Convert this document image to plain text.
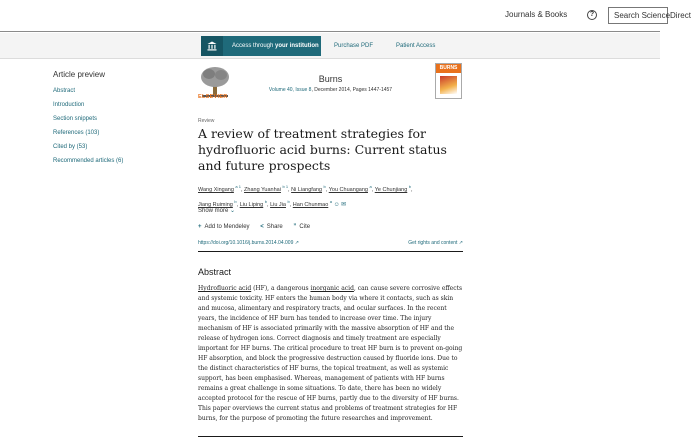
Journals & Books	?	Search ScienceDirect
Access through your institution	Purchase PDF	Patient Access
Article preview
Abstract
Introduction
Section snippets
References (103)
Cited by (53)
Recommended articles (6)
ELSEVIER
Burns
Volume 40, Issue 8, December 2014, Pages 1447-1457
BURNS
Review
A review of treatment strategies for hydrofluoric acid burns: Current status and future prospects
Wang Xingang $^{a 1}$, Zhang Yuanhai $^{b 1}$, Ni Liangfang $^b$, You Chuangang $^a$, Ye Chunjiang $^b$,
Jiang Ruiming $^b$, Liu Liping $^b$, Liu Jia $^b$, Han Chunmao $^a$ ☺ ✉
Show more ⌄
+ Add to Mendeley < Share ” Cite
https://doi.org/10.1016/j.burns.2014.04.009 ↗	Get rights and content ↗
Abstract

Hydrofluoric acid (HF), a dangerous inorganic acid, can cause severe corrosive effects and systemic toxicity. HF enters the human body via where it contacts, such as skin and mucosa, alimentary and respiratory tracts, and ocular surfaces. In the recent years, the incidence of HF burn has tended to increase over time. The injury mechanism of HF is associated primarily with the massive absorption of HF and the release of hydrogen ions. Correct diagnosis and timely treatment are especially important for HF burns. The critical procedure to treat HF burn is to prevent on-going HF absorption, and block the progressive destruction caused by fluoride ions. Due to the distinct characteristics of HF burns, the topical treatment, as well as systemic support, has been emphasised. Whereas, management of patients with HF burns remains a great challenge in some situations. To date, there has been no widely accepted protocol for the rescue of HF burns, partly due to the diversity of HF burns. This paper overviews the current status and problems of treatment strategies for HF burns, for the purpose of promoting the future researches and improvement.
